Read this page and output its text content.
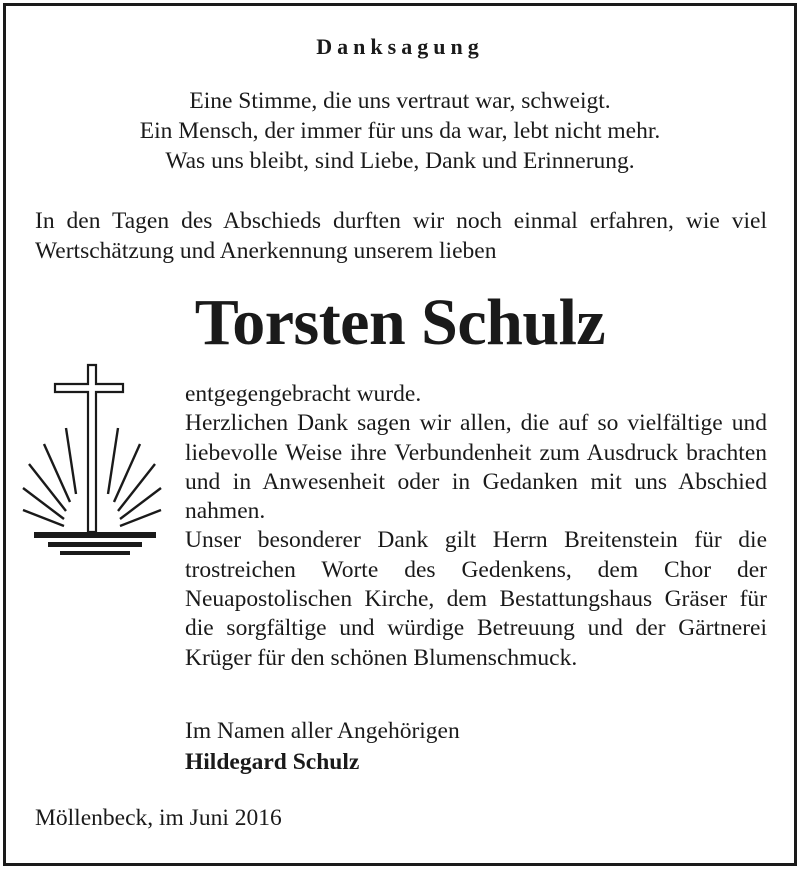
Danksagung
Eine Stimme, die uns vertraut war, schweigt.
Ein Mensch, der immer für uns da war, lebt nicht mehr.
Was uns bleibt, sind Liebe, Dank und Erinnerung.
In den Tagen des Abschieds durften wir noch einmal erfahren, wie viel Wertschätzung und Anerkennung unserem lieben
Torsten Schulz

entgegengebracht wurde.

Herzlichen Dank sagen wir allen, die auf so vielfältige und liebevolle Weise ihre Verbundenheit zum Ausdruck brachten und in Anwesenheit oder in Gedanken mit uns Abschied nahmen.

Unser besonderer Dank gilt Herrn Breitenstein für die trostreichen Worte des Gedenkens, dem Chor der Neuapostolischen Kirche, dem Bestattungshaus Gräser für die sorgfältige und würdige Betreuung und der Gärtnerei Krüger für den schönen Blumenschmuck.

Im Namen aller Angehörigen
Hildegard Schulz
Möllenbeck, im Juni 2016
